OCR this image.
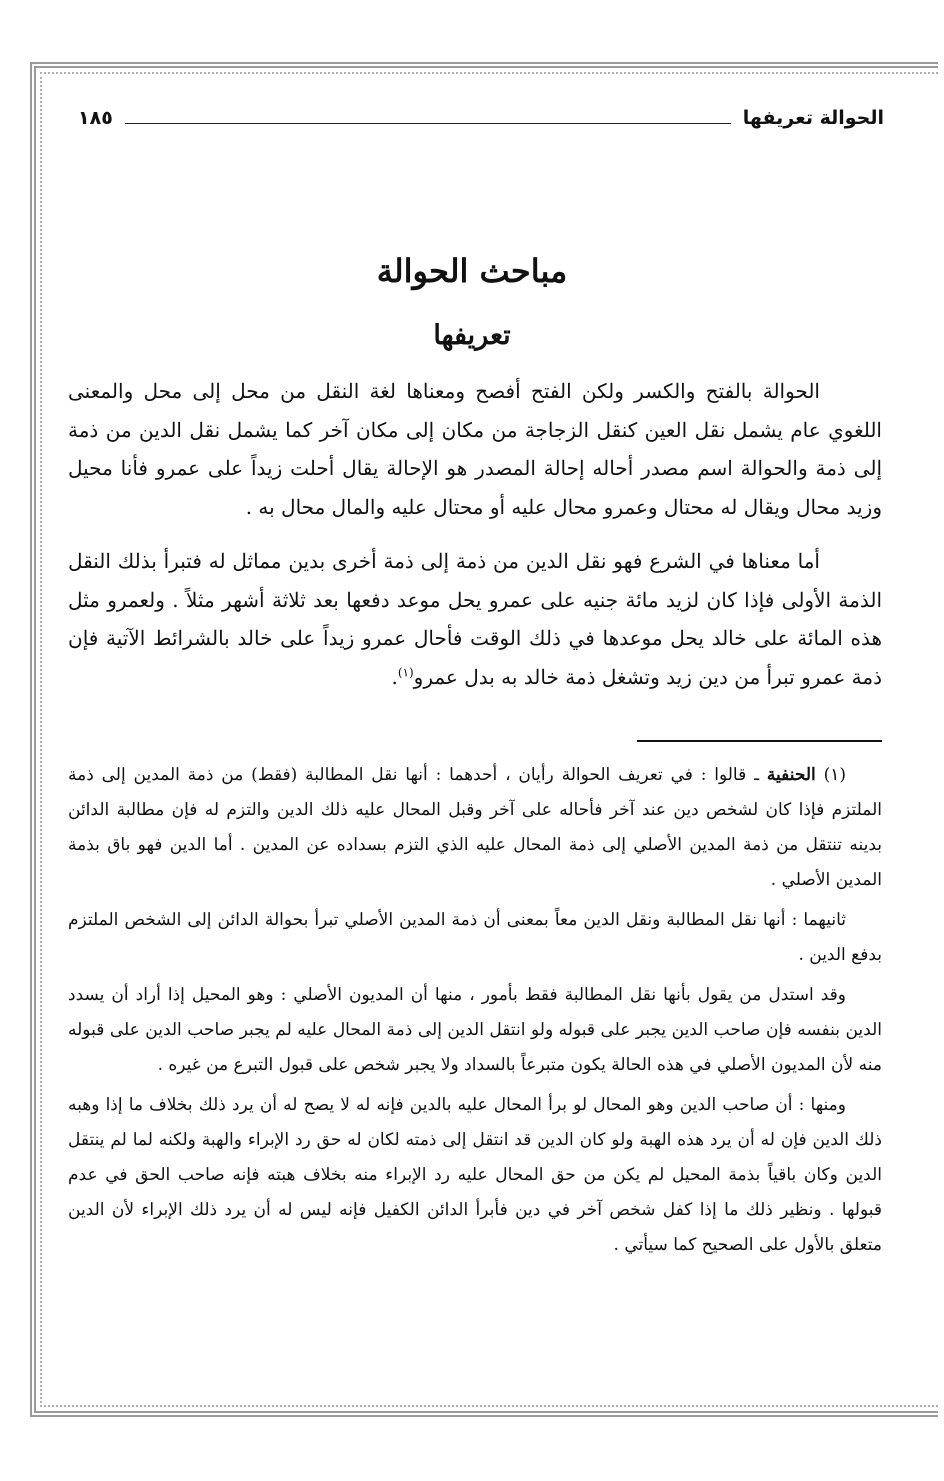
الحوالة تعريفها
١٨٥
مباحث الحوالة
تعريفها

الحوالة بالفتح والكسر ولكن الفتح أفصح ومعناها لغة النقل من محل إلى محل والمعنى اللغوي عام يشمل نقل العين كنقل الزجاجة من مكان إلى مكان آخر كما يشمل نقل الدين من ذمة إلى ذمة والحوالة اسم مصدر أحاله إحالة المصدر هو الإحالة يقال أحلت زيداً على عمرو فأنا محيل وزيد محال ويقال له محتال وعمرو محال عليه أو محتال عليه والمال محال به .

أما معناها في الشرع فهو نقل الدين من ذمة إلى ذمة أخرى بدين مماثل له فتبرأ بذلك النقل الذمة الأولى فإذا كان لزيد مائة جنيه على عمرو يحل موعد دفعها بعد ثلاثة أشهر مثلاً . ولعمرو مثل هذه المائة على خالد يحل موعدها في ذلك الوقت فأحال عمرو زيداً على خالد بالشرائط الآتية فإن ذمة عمرو تبرأ من دين زيد وتشغل ذمة خالد به بدل عمرو$^{(١)}$.

(١) الحنفية ـ قالوا : في تعريف الحوالة رأيان ، أحدهما : أنها نقل المطالبة (فقط) من ذمة المدين إلى ذمة الملتزم فإذا كان لشخص دين عند آخر فأحاله على آخر وقبل المحال عليه ذلك الدين والتزم له فإن مطالبة الدائن بدينه تنتقل من ذمة المدين الأصلي إلى ذمة المحال عليه الذي التزم بسداده عن المدين . أما الدين فهو باق بذمة المدين الأصلي .

ثانيهما : أنها نقل المطالبة ونقل الدين معاً بمعنى أن ذمة المدين الأصلي تبرأ بحوالة الدائن إلى الشخص الملتزم بدفع الدين .

وقد استدل من يقول بأنها نقل المطالبة فقط بأمور ، منها أن المديون الأصلي : وهو المحيل إذا أراد أن يسدد الدين بنفسه فإن صاحب الدين يجبر على قبوله ولو انتقل الدين إلى ذمة المحال عليه لم يجبر صاحب الدين على قبوله منه لأن المديون الأصلي في هذه الحالة يكون متبرعاً بالسداد ولا يجبر شخص على قبول التبرع من غيره .

ومنها : أن صاحب الدين وهو المحال لو برأ المحال عليه بالدين فإنه له لا يصح له أن يرد ذلك بخلاف ما إذا وهبه ذلك الدين فإن له أن يرد هذه الهبة ولو كان الدين قد انتقل إلى ذمته لكان له حق رد الإبراء والهبة ولكنه لما لم ينتقل الدين وكان باقياً بذمة المحيل لم يكن من حق المحال عليه رد الإبراء منه بخلاف هبته فإنه صاحب الحق في عدم قبولها . ونظير ذلك ما إذا كفل شخص آخر في دين فأبرأ الدائن الكفيل فإنه ليس له أن يرد ذلك الإبراء لأن الدين متعلق بالأول على الصحيح كما سيأتي .
